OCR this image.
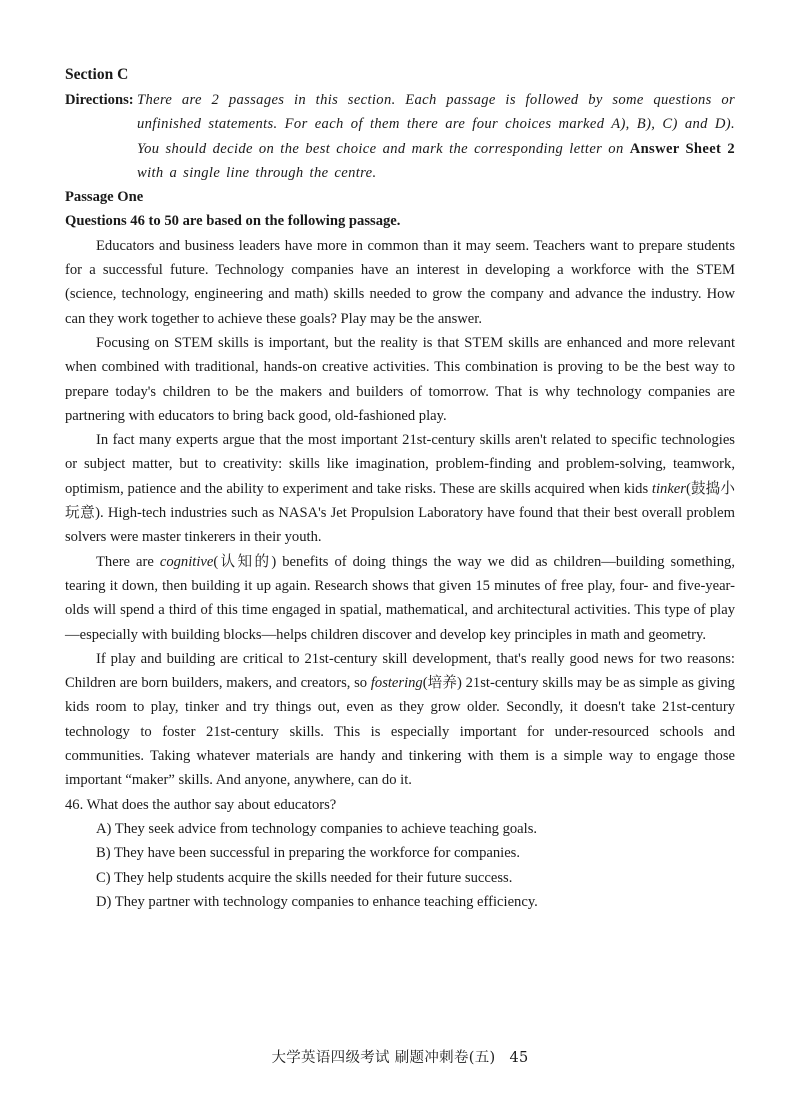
Section C

Directions: There are 2 passages in this section. Each passage is followed by some questions or unfinished statements. For each of them there are four choices marked A), B), C) and D). You should decide on the best choice and mark the corresponding letter on Answer Sheet 2 with a single line through the centre.

Passage One

Questions 46 to 50 are based on the following passage.

Educators and business leaders have more in common than it may seem. Teachers want to prepare students for a successful future. Technology companies have an interest in developing a workforce with the STEM (science, technology, engineering and math) skills needed to grow the company and advance the industry. How can they work together to achieve these goals? Play may be the answer.

Focusing on STEM skills is important, but the reality is that STEM skills are enhanced and more relevant when combined with traditional, hands-on creative activities. This combination is proving to be the best way to prepare today's children to be the makers and builders of tomorrow. That is why technology companies are partnering with educators to bring back good, old-fashioned play.

In fact many experts argue that the most important 21st-century skills aren't related to specific technologies or subject matter, but to creativity: skills like imagination, problem-finding and problem-solving, teamwork, optimism, patience and the ability to experiment and take risks. These are skills acquired when kids tinker(鼓捣小玩意). High-tech industries such as NASA's Jet Propulsion Laboratory have found that their best overall problem solvers were master tinkerers in their youth.

There are cognitive(认知的) benefits of doing things the way we did as children—building something, tearing it down, then building it up again. Research shows that given 15 minutes of free play, four- and five-year-olds will spend a third of this time engaged in spatial, mathematical, and architectural activities. This type of play—especially with building blocks—helps children discover and develop key principles in math and geometry.

If play and building are critical to 21st-century skill development, that's really good news for two reasons: Children are born builders, makers, and creators, so fostering(培养) 21st-century skills may be as simple as giving kids room to play, tinker and try things out, even as they grow older. Secondly, it doesn't take 21st-century technology to foster 21st-century skills. This is especially important for under-resourced schools and communities. Taking whatever materials are handy and tinkering with them is a simple way to engage those important “maker” skills. And anyone, anywhere, can do it.

46. What does the author say about educators?

A) They seek advice from technology companies to achieve teaching goals.
B) They have been successful in preparing the workforce for companies.
C) They help students acquire the skills needed for their future success.
D) They partner with technology companies to enhance teaching efficiency.
大学英语四级考试 刷题冲刺卷(五) 45
